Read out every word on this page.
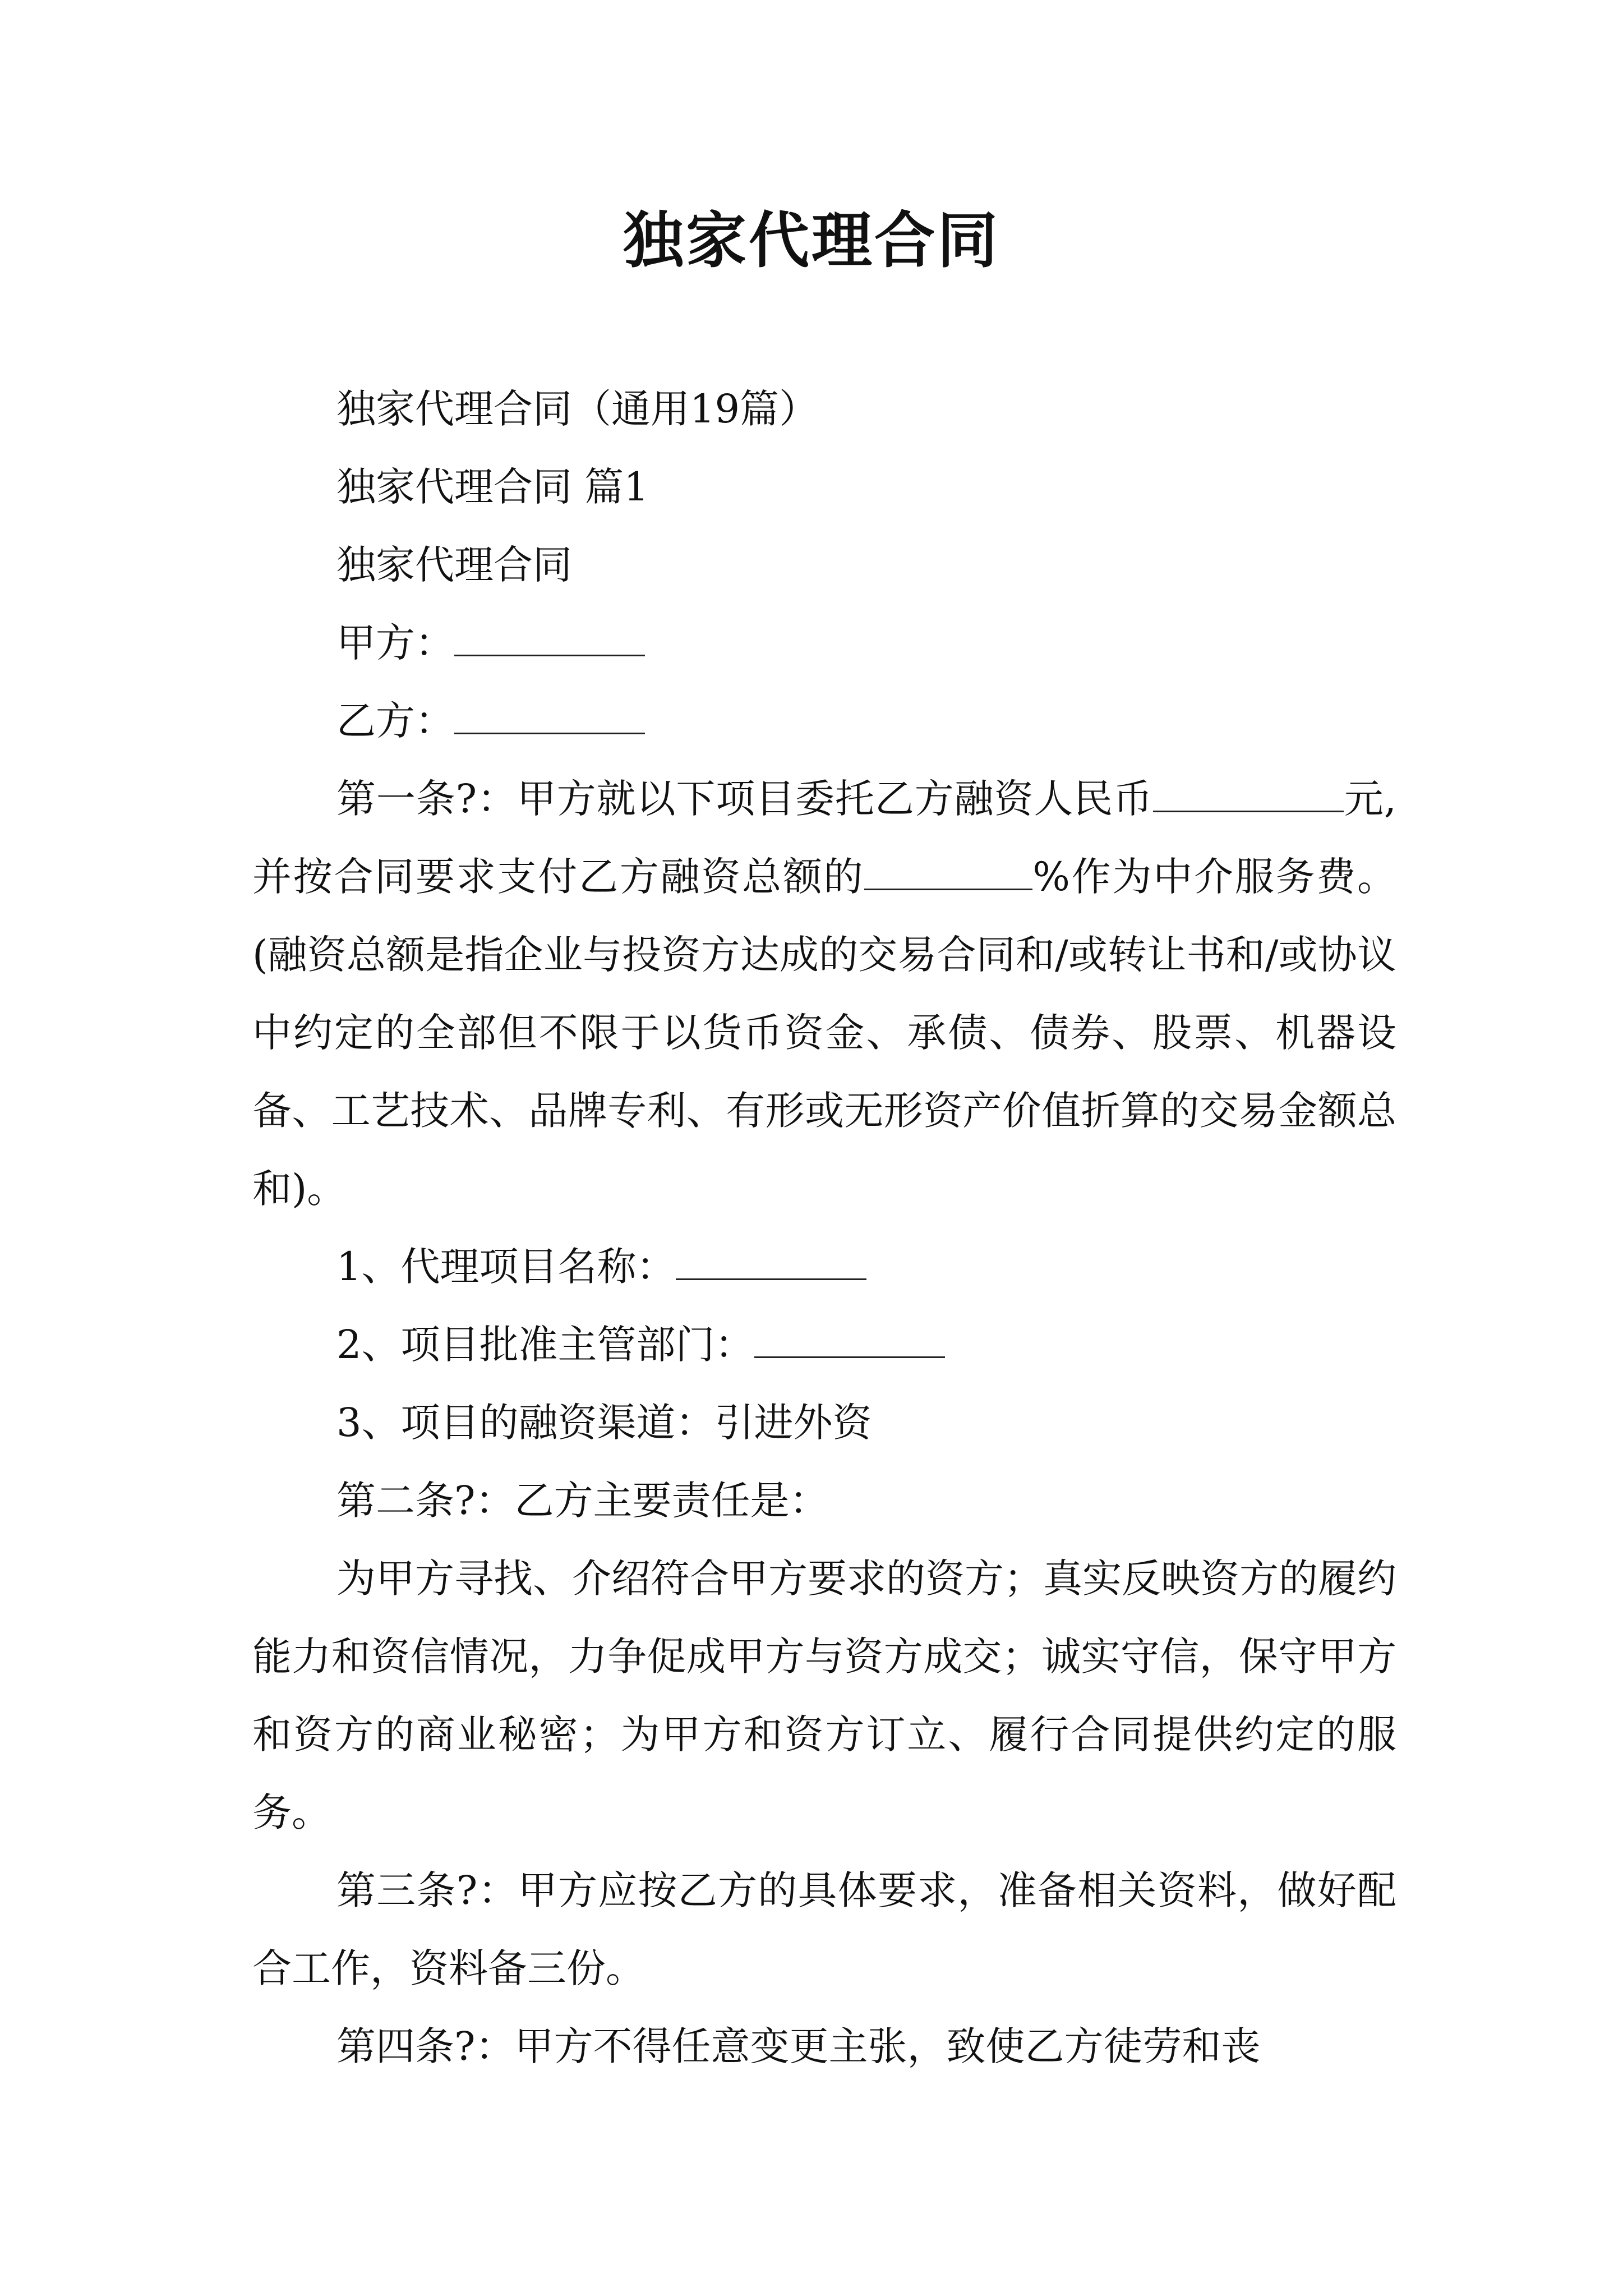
独家代理合同

独家代理合同（通用19篇）

独家代理合同 篇1

独家代理合同

甲方：

乙方：

第一条?：甲方就以下项目委托乙方融资人民币	元,并按合同要求支付乙方融资总额的	%作为中介服务费。(融资总额是指企业与投资方达成的交易合同和/或转让书和/或协议中约定的全部但不限于以货币资金、承债、债券、股票、机器设备、工艺技术、品牌专利、有形或无形资产价值折算的交易金额总和)。

1、代理项目名称：

2、项目批准主管部门：

3、项目的融资渠道：引进外资

第二条?：乙方主要责任是：

为甲方寻找、介绍符合甲方要求的资方；真实反映资方的履约能力和资信情况，力争促成甲方与资方成交；诚实守信，保守甲方和资方的商业秘密；为甲方和资方订立、履行合同提供约定的服务。

第三条?：甲方应按乙方的具体要求，准备相关资料，做好配合工作，资料备三份。

第四条?：甲方不得任意变更主张，致使乙方徒劳和丧
